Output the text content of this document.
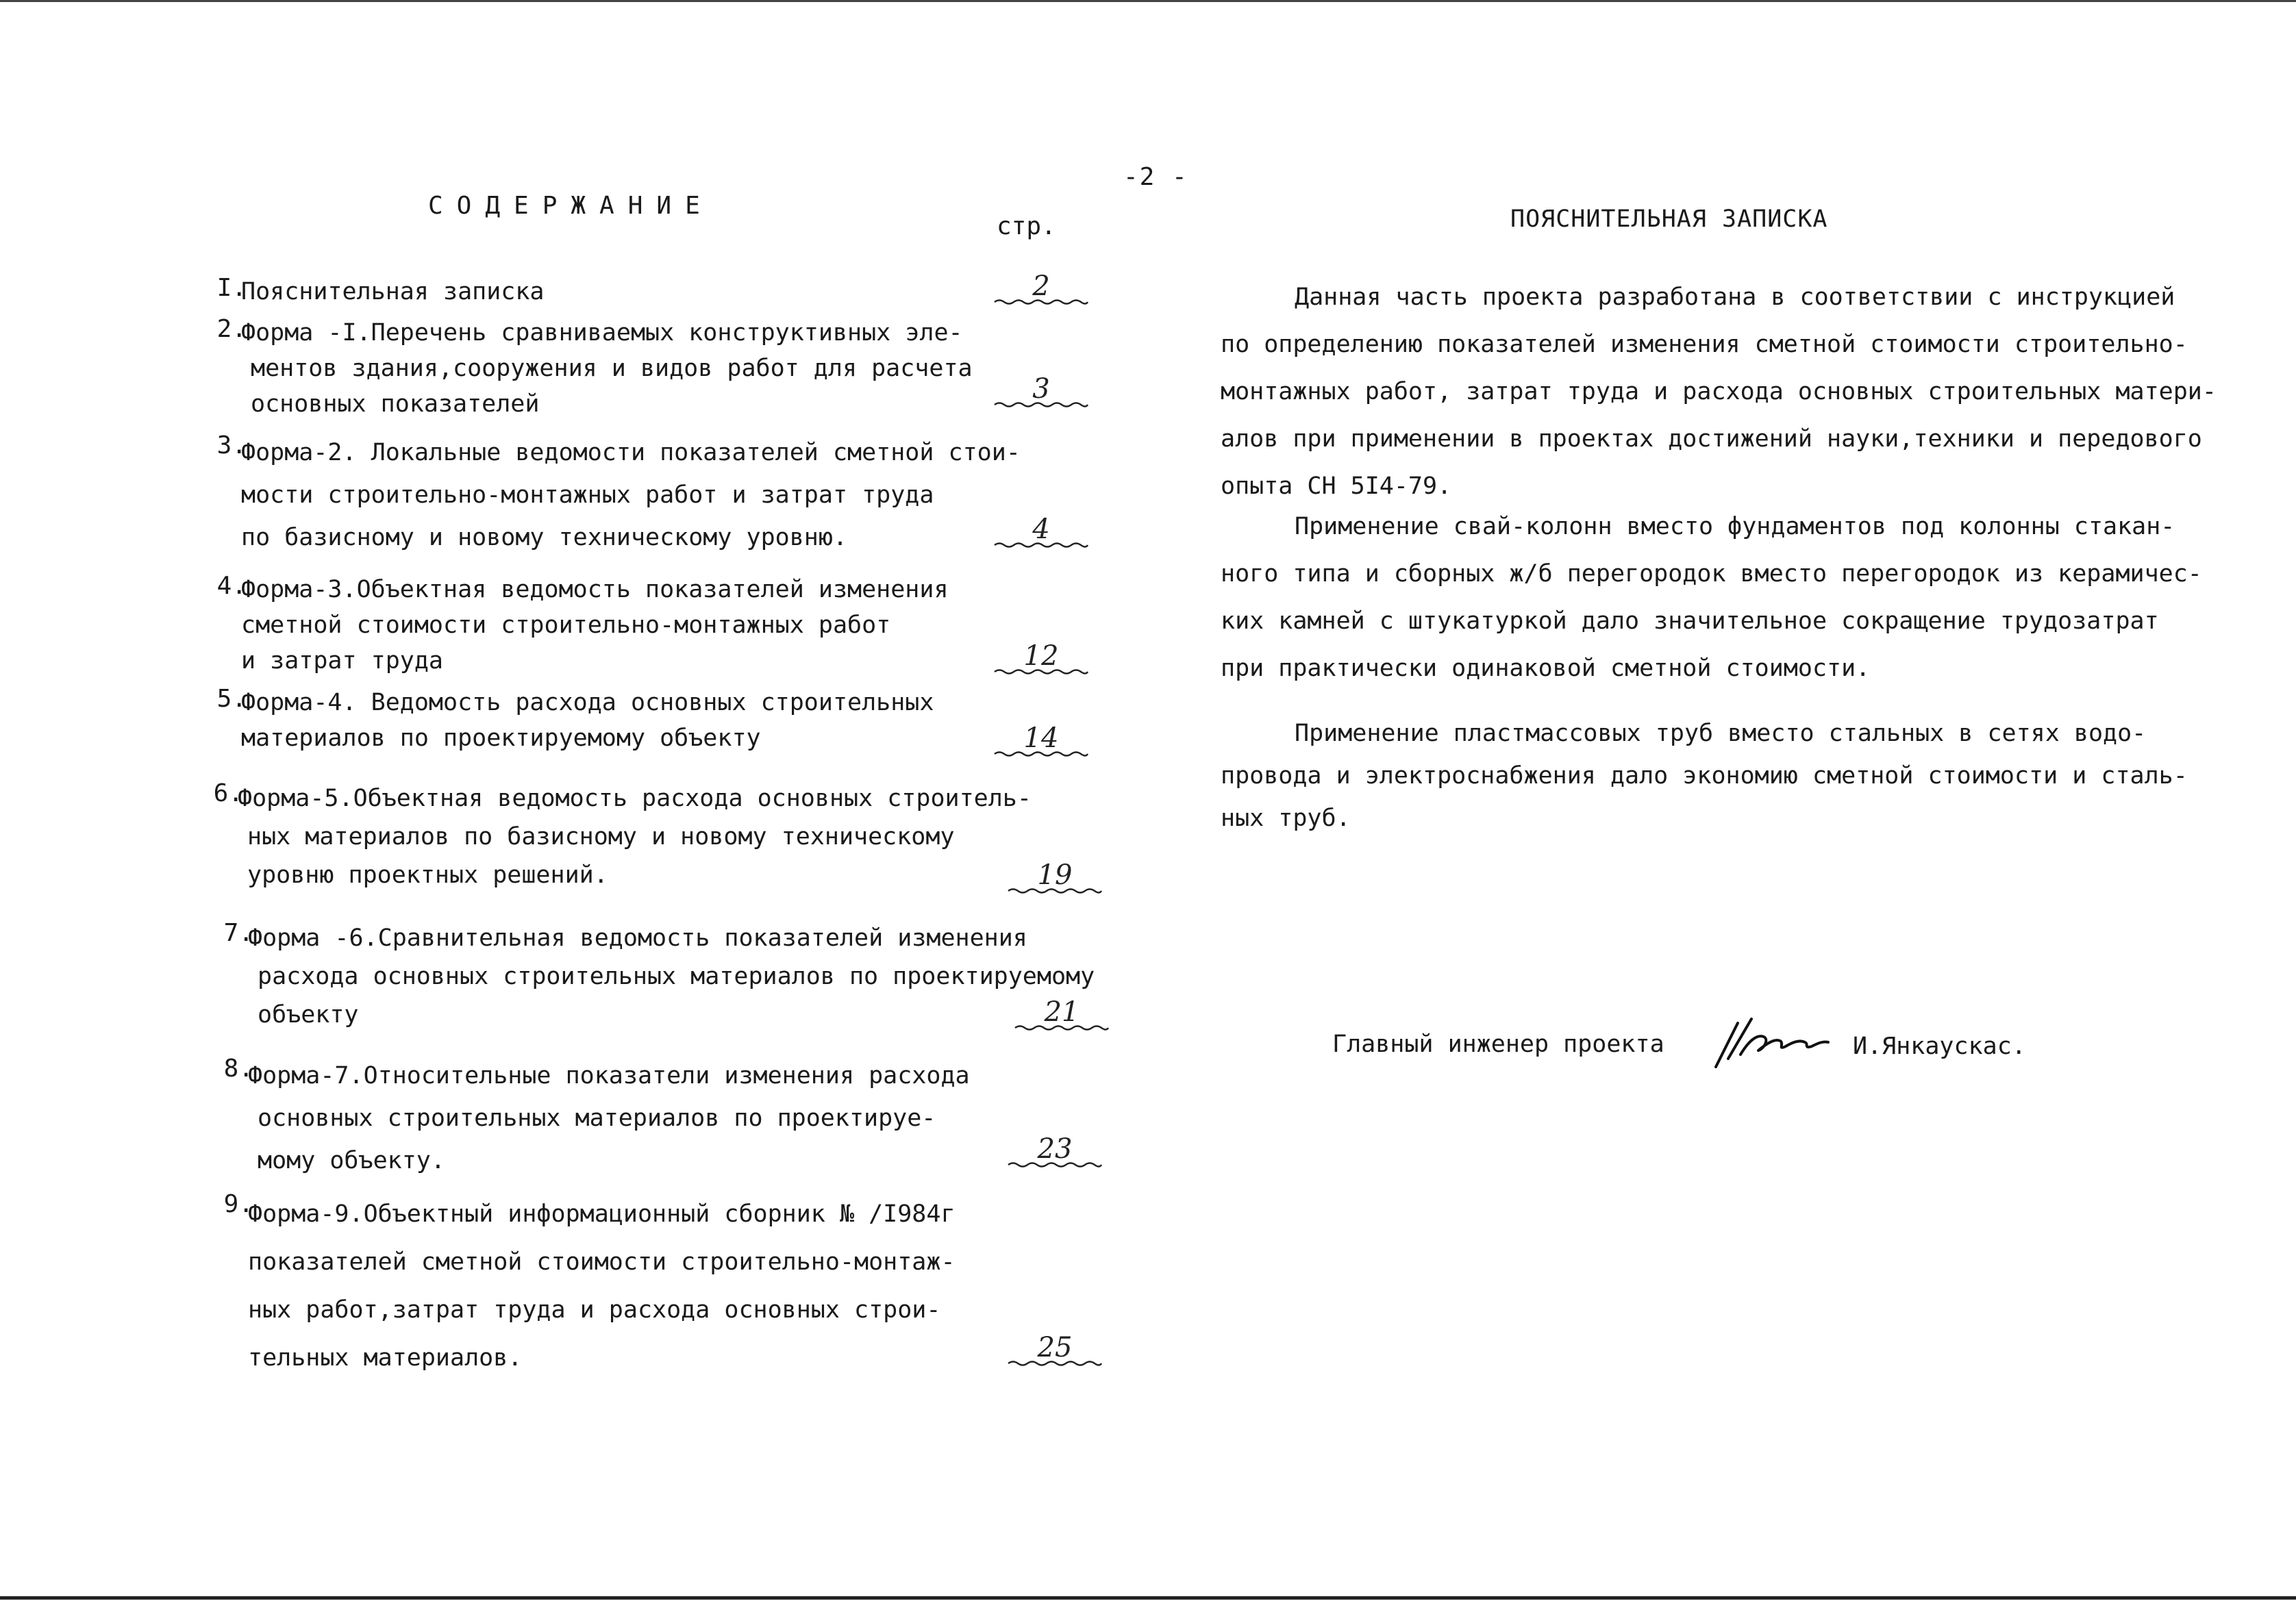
-2 -
СОДЕРЖАНИЕ
стр.
I.
Пояснительная записка	2
2.
Форма -I.Перечень сравниваемых конструктивных эле-
ментов здания,сооружения и видов работ для расчета
основных показателей	3
3.
Форма-2. Локальные ведомости показателей сметной стои-
мости строительно-монтажных работ и затрат труда
по базисному и новому техническому уровню.	4
4.
Форма-3.Объектная ведомость показателей изменения
сметной стоимости строительно-монтажных работ
и затрат труда	12
5.
Форма-4. Ведомость расхода основных строительных
материалов по проектируемому объекту	14
6.
Форма-5.Объектная ведомость расхода основных строитель-
ных материалов по базисному и новому техническому
уровню проектных решений.	19
7.
Форма -6.Сравнительная ведомость показателей изменения
расхода основных строительных материалов по проектируемому
объекту	21
8.
Форма-7.Относительные показатели изменения расхода
основных строительных материалов по проектируе-
мому объекту.	23
9.
Форма-9.Объектный информационный сборник № /I984г
показателей сметной стоимости строительно-монтаж-
ных работ,затрат труда и расхода основных строи-
тельных материалов.	25
ПОЯСНИТЕЛЬНАЯ ЗАПИСКА
Данная часть проекта разработана в соответствии с инструкцией
по определению показателей изменения сметной стоимости строительно-
монтажных работ, затрат труда и расхода основных строительных матери-
алов при применении в проектах достижений науки,техники и передового
опыта СН 5I4-79.
Применение свай-колонн вместо фундаментов под колонны стакан-
ного типа и сборных ж/б перегородок вместо перегородок из керамичес-
ких камней с штукатуркой дало значительное сокращение трудозатрат
при практически одинаковой сметной стоимости.
Применение пластмассовых труб вместо стальных в сетях водо-
провода и электроснабжения дало экономию сметной стоимости и сталь-
ных труб.
Главный инженер проекта	И.Янкаускас.
